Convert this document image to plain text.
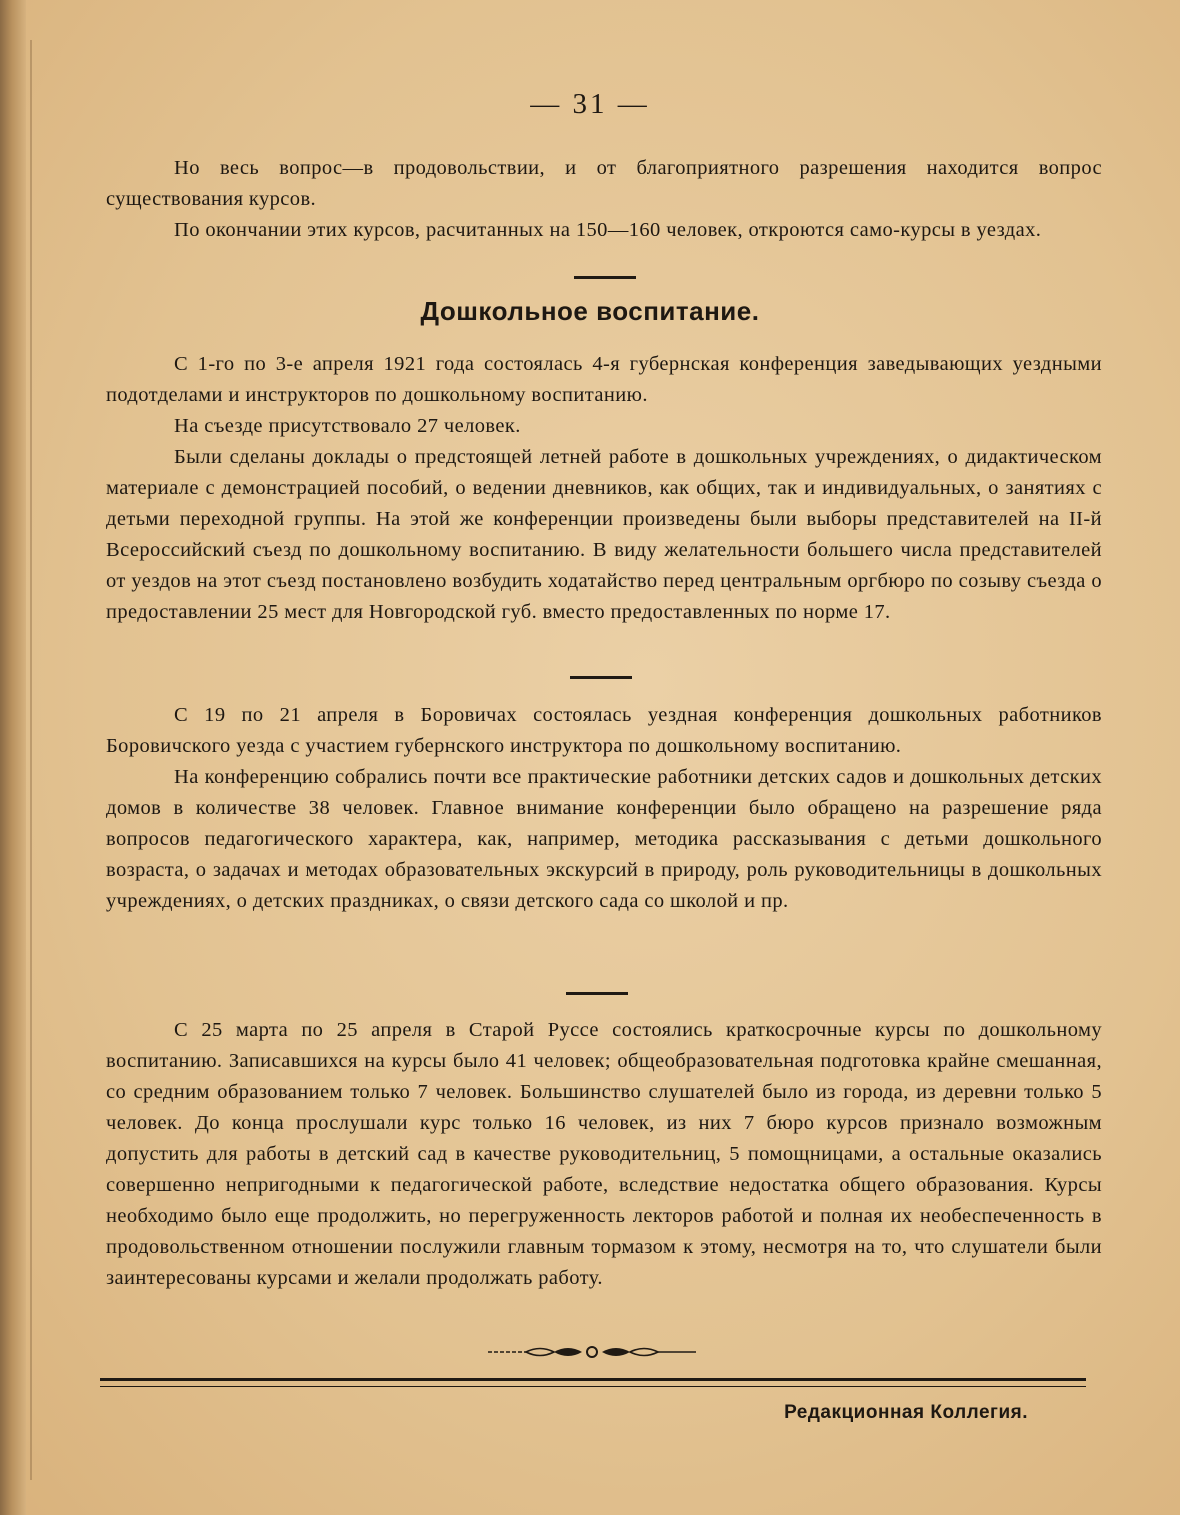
— 31 —

Но весь вопрос—в продовольствии, и от благоприятного разрешения находится вопрос существования курсов.

По окончании этих курсов, расчитанных на 150—160 человек, откроются само-курсы в уездах.

Дошкольное воспитание.

С 1-го по 3-е апреля 1921 года состоялась 4-я губернская конференция заведывающих уездными подотделами и инструкторов по дошкольному воспитанию.

На съезде присутствовало 27 человек.

Были сделаны доклады о предстоящей летней работе в дошкольных учреждениях, о дидактическом материале с демонстрацией пособий, о ведении дневников, как общих, так и индивидуальных, о занятиях с детьми переходной группы. На этой же конференции произведены были выборы представителей на II-й Всероссийский съезд по дошкольному воспитанию. В виду желательности большего числа представителей от уездов на этот съезд постановлено возбудить ходатайство перед центральным оргбюро по созыву съезда о предоставлении 25 мест для Новгородской губ. вместо предоставленных по норме 17.

С 19 по 21 апреля в Боровичах состоялась уездная конференция дошкольных работников Боровичского уезда с участием губернского инструктора по дошкольному воспитанию.

На конференцию собрались почти все практические работники детских садов и дошкольных детских домов в количестве 38 человек. Главное внимание конференции было обращено на разрешение ряда вопросов педагогического характера, как, например, методика рассказывания с детьми дошкольного возраста, о задачах и методах образовательных экскурсий в природу, роль руководительницы в дошкольных учреждениях, о детских праздниках, о связи детского сада со школой и пр.

С 25 марта по 25 апреля в Старой Руссе состоялись краткосрочные курсы по дошкольному воспитанию. Записавшихся на курсы было 41 человек; общеобразовательная подготовка крайне смешанная, со средним образованием только 7 человек. Большинство слушателей было из города, из деревни только 5 человек. До конца прослушали курс только 16 человек, из них 7 бюро курсов признало возможным допустить для работы в детский сад в качестве руководительниц, 5 помощницами, а остальные оказались совершенно непригодными к педагогической работе, вследствие недостатка общего образования. Курсы необходимо было еще продолжить, но перегруженность лекторов работой и полная их необеспеченность в продовольственном отношении послужили главным тормазом к этому, несмотря на то, что слушатели были заинтересованы курсами и желали продолжать работу.

Редакционная Коллегия.
